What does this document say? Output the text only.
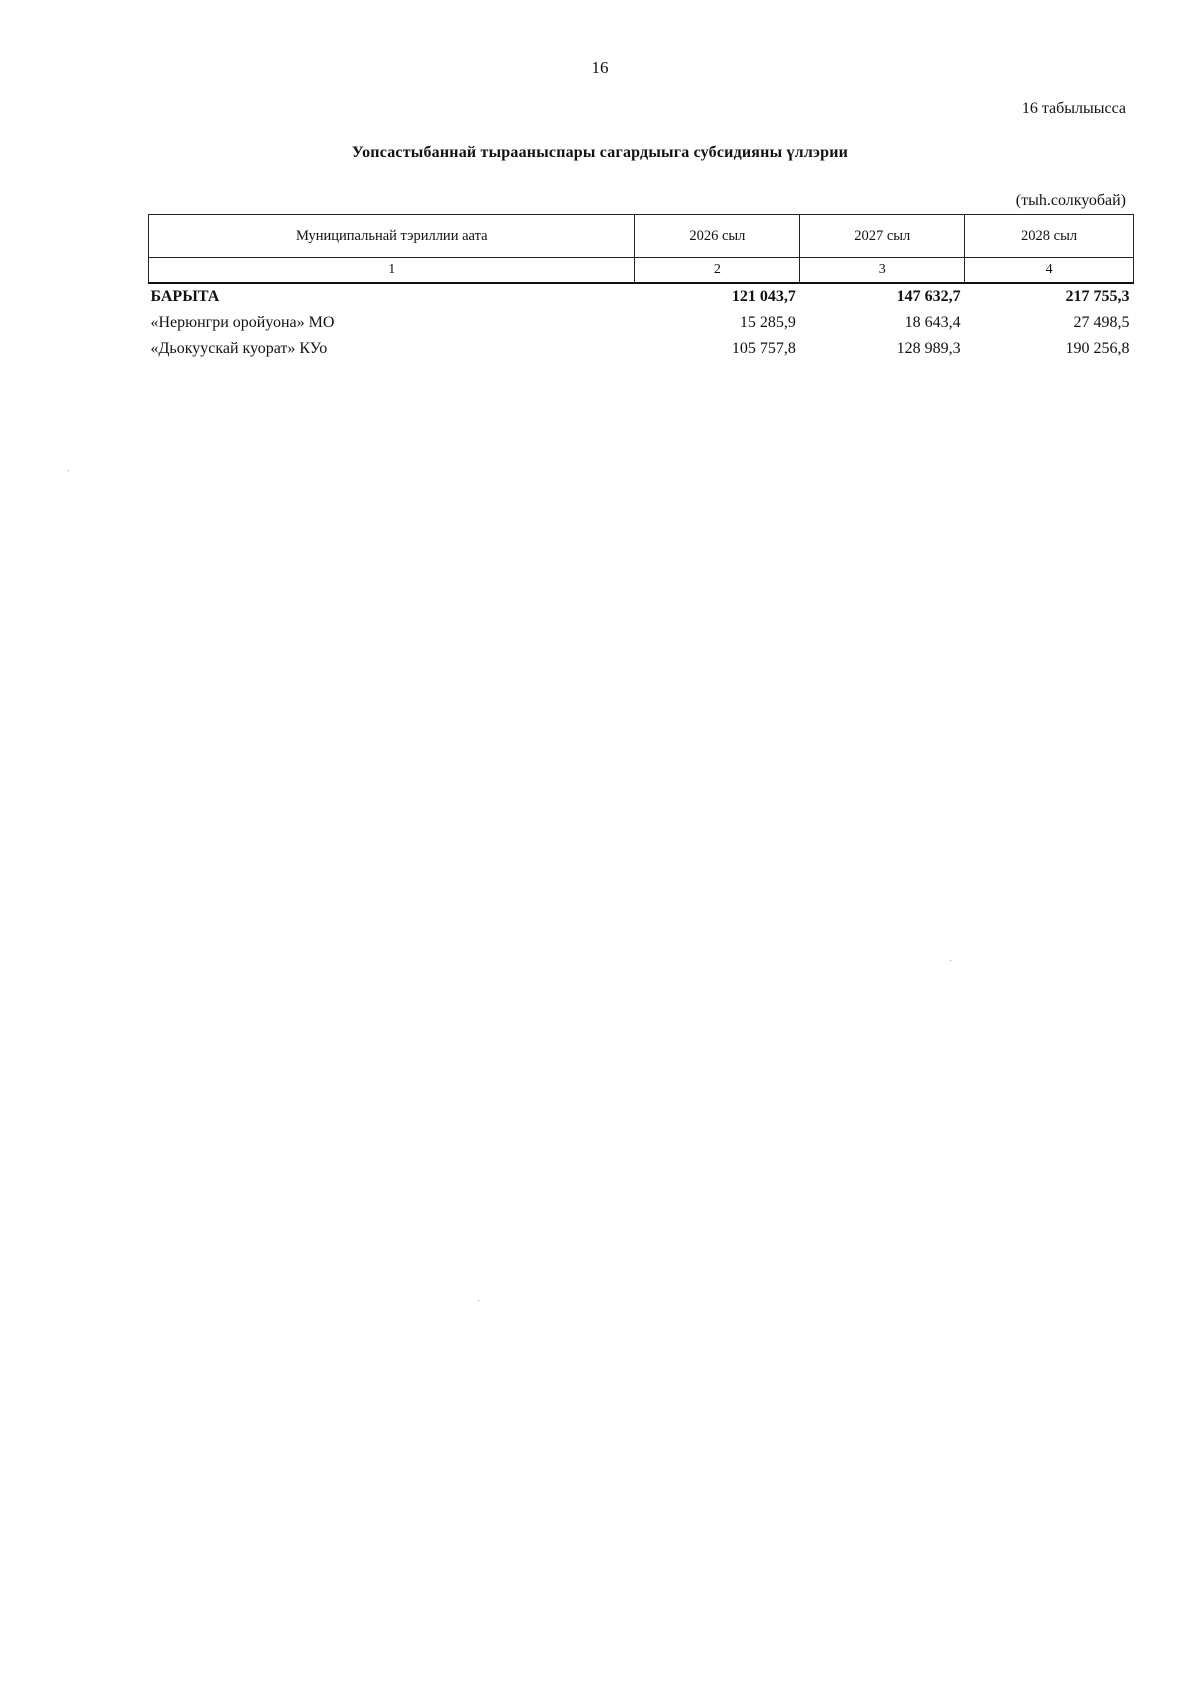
16
16 табылыысса
Уопсастыбаннай тырааныспары сагардыыга субсидияны үллэрии
(тыһ.солкуобай)
Муниципальнай тэриллии аата	2026 сыл	2027 сыл	2028 сыл
1	2	3	4
БАРЫТА	121 043,7	147 632,7	217 755,3
«Нерюнгри оройуона» МО	15 285,9	18 643,4	27 498,5
«Дьокуускай куорат» КУо	105 757,8	128 989,3	190 256,8
